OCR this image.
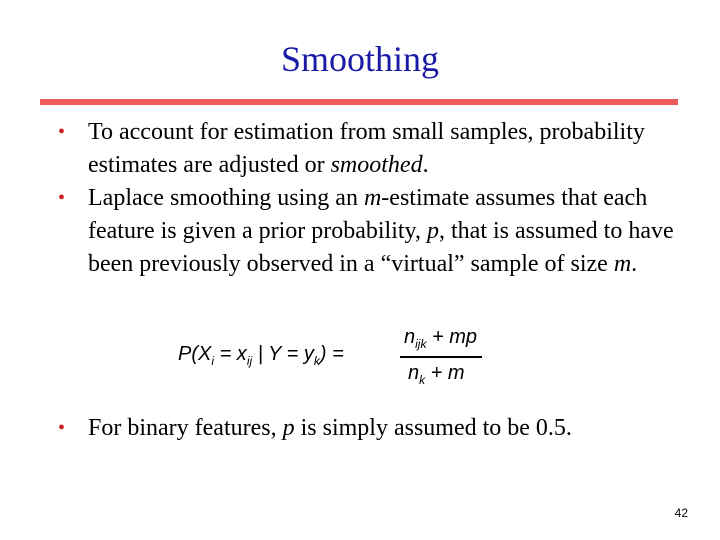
Smoothing
• To account for estimation from small samples, probability estimates are adjusted or smoothed.
• Laplace smoothing using an m-estimate assumes that each feature is given a prior probability, p, that is assumed to have been previously observed in a “virtual” sample of size m.
$P(X_i = x_{ij}$ | $Y = y_k$) =
$n_{ijk}$ + mp
$n_k + m$
• For binary features, p is simply assumed to be 0.5.
42
